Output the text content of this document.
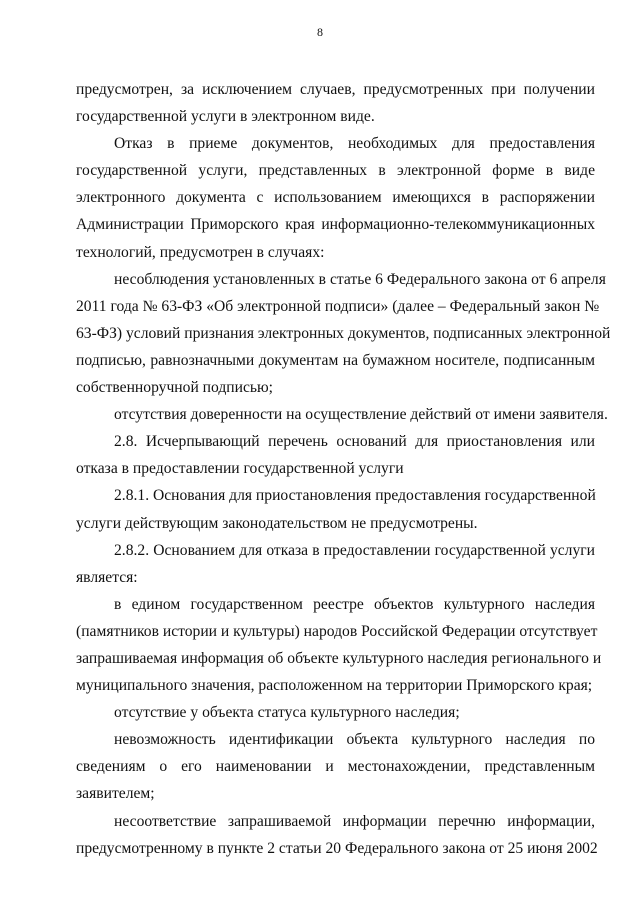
8

предусмотрен, за исключением случаев, предусмотренных при получении
государственной услуги в электронном виде.

Отказ в приеме документов, необходимых для предоставления
государственной услуги, представленных в электронной форме в виде
электронного документа с использованием имеющихся в распоряжении
Администрации Приморского края информационно-телекоммуникационных
технологий, предусмотрен в случаях:

несоблюдения установленных в статье 6 Федерального закона от 6 апреля
2011 года № 63-ФЗ «Об электронной подписи» (далее – Федеральный закон №
63-ФЗ) условий признания электронных документов, подписанных электронной
подписью, равнозначными документам на бумажном носителе, подписанным
собственноручной подписью;

отсутствия доверенности на осуществление действий от имени заявителя.

2.8. Исчерпывающий перечень оснований для приостановления или
отказа в предоставлении государственной услуги

2.8.1. Основания для приостановления предоставления государственной
услуги действующим законодательством не предусмотрены.

2.8.2. Основанием для отказа в предоставлении государственной услуги
является:

в едином государственном реестре объектов культурного наследия
(памятников истории и культуры) народов Российской Федерации отсутствует
запрашиваемая информация об объекте культурного наследия регионального и
муниципального значения, расположенном на территории Приморского края;

отсутствие у объекта статуса культурного наследия;

невозможность идентификации объекта культурного наследия по
сведениям о его наименовании и местонахождении, представленным
заявителем;

несоответствие запрашиваемой информации перечню информации,
предусмотренному в пункте 2 статьи 20 Федерального закона от 25 июня 2002
